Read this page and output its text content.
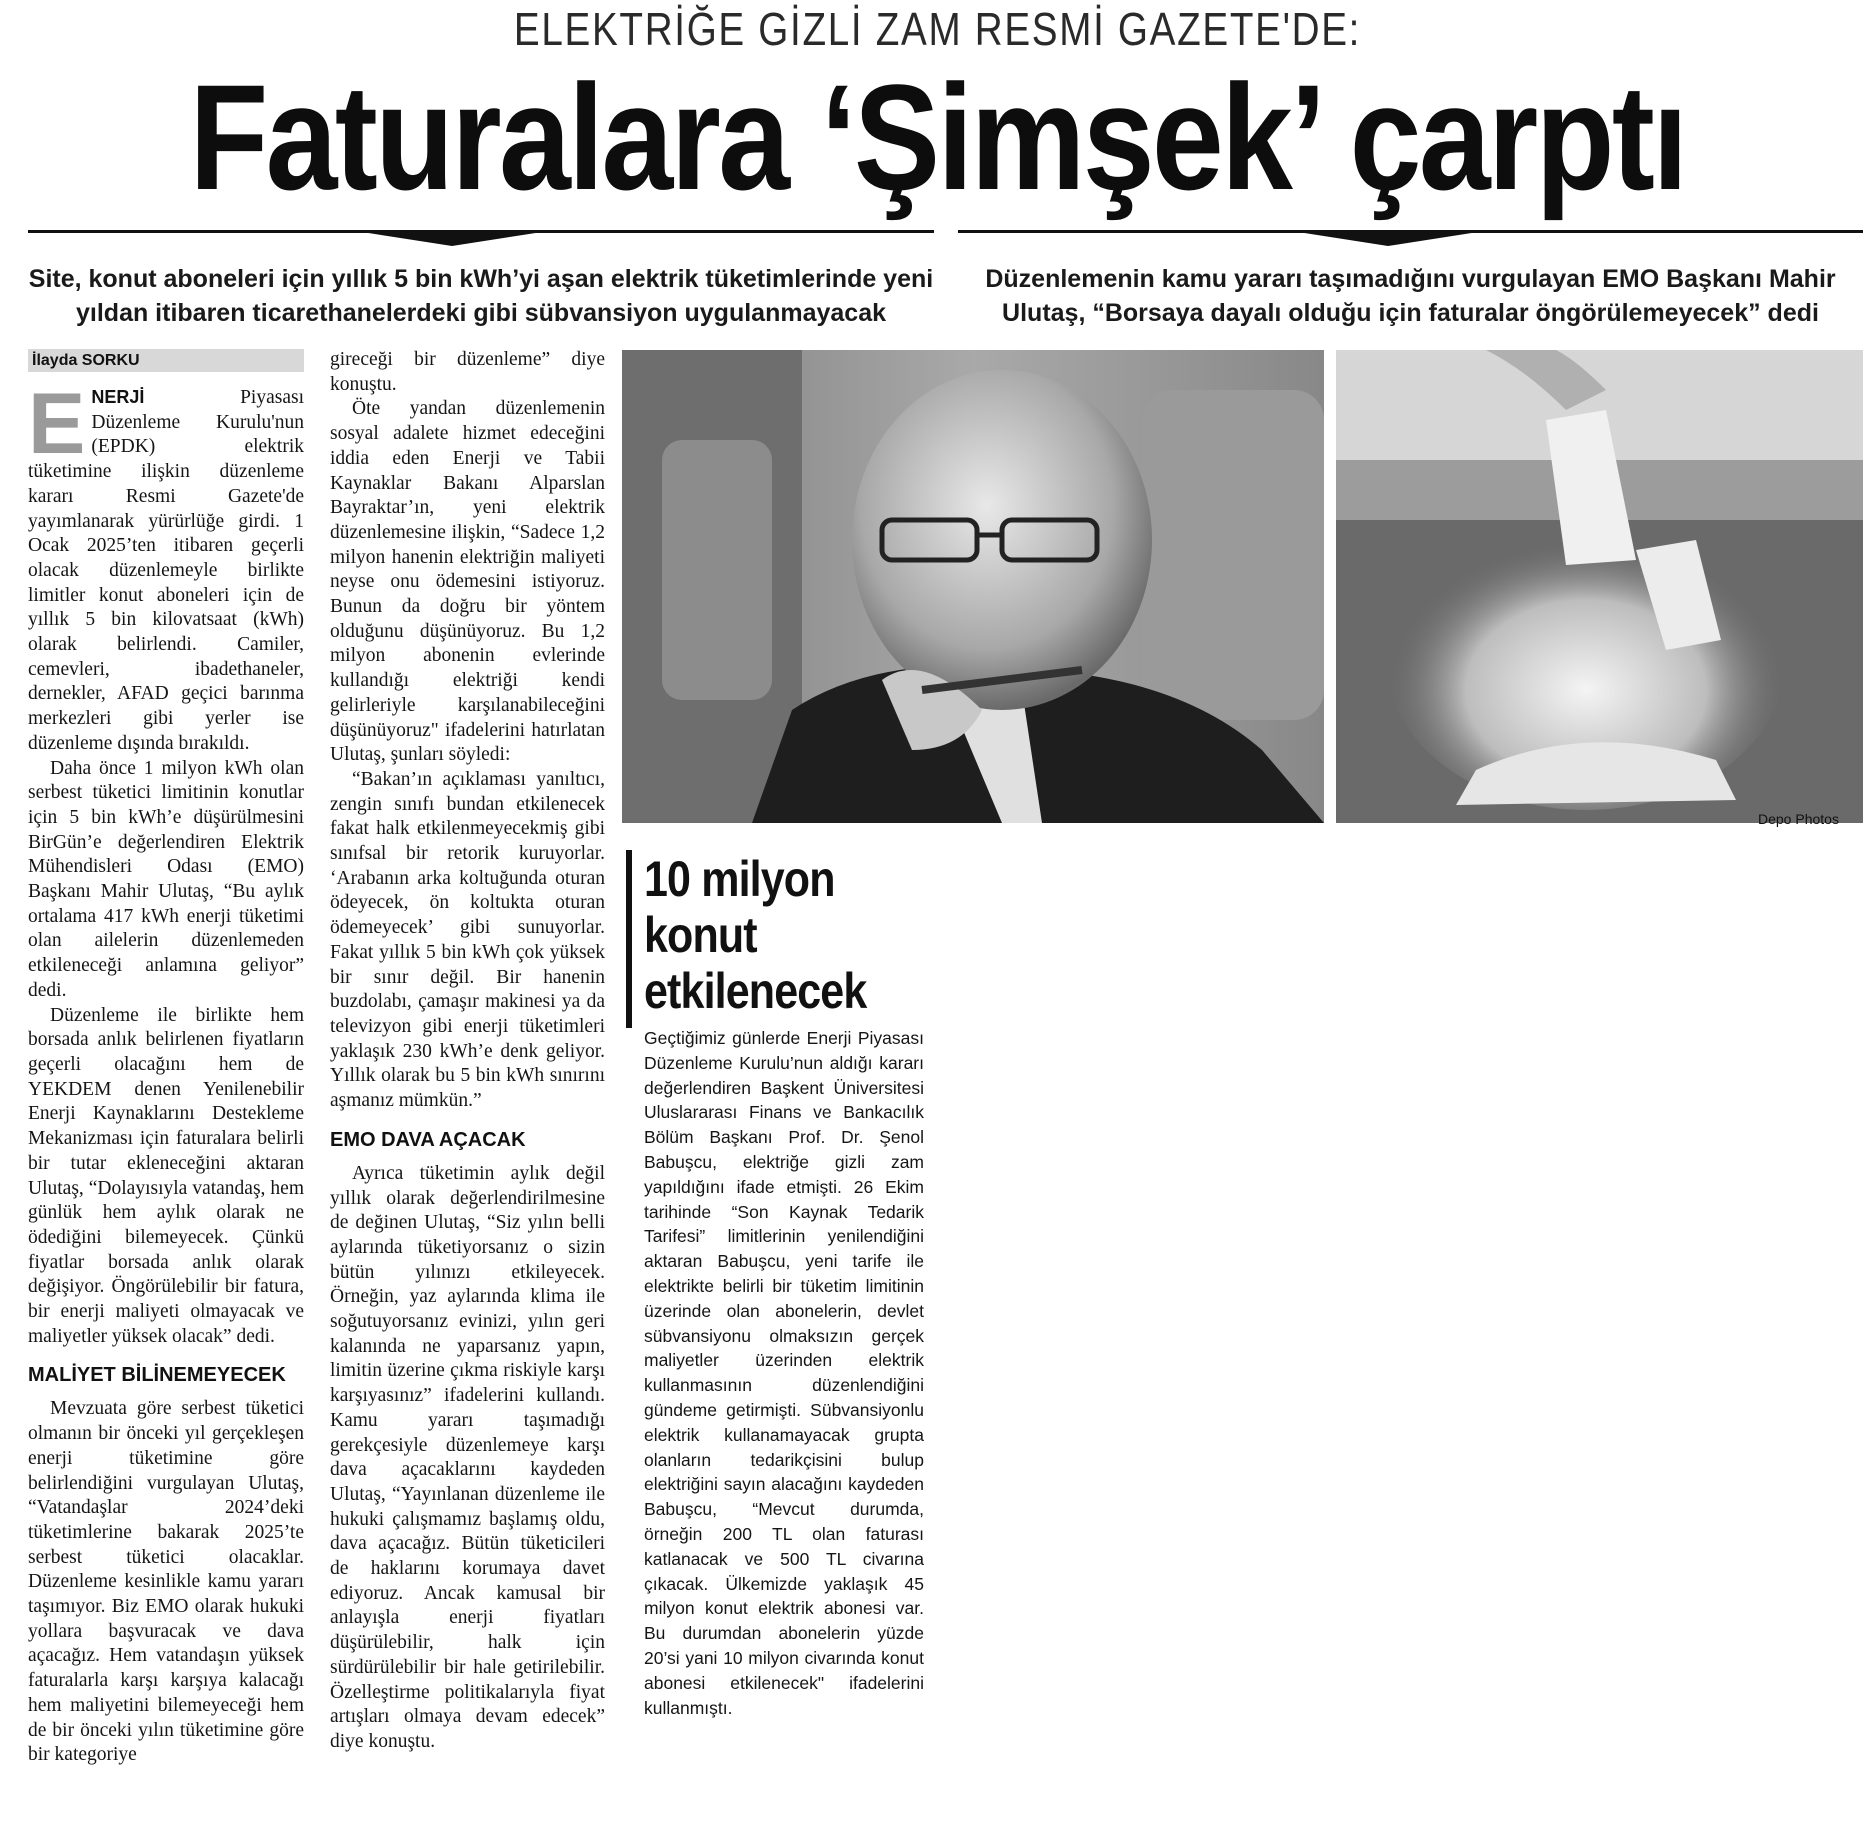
ELEKTRİĞE GİZLİ ZAM RESMİ GAZETE'DE:
Faturalara ‘Şimşek’ çarptı
Site, konut aboneleri için yıllık 5 bin kWh’yi aşan elektrik tüketimlerinde yeni yıldan itibaren ticarethanelerdeki gibi sübvansiyon uygulanmayacak
Düzenlemenin kamu yararı taşımadığını vurgulayan EMO Başkanı Mahir Ulutaş, “Borsaya dayalı olduğu için faturalar öngörülemeyecek” dedi
İlayda SORKU

ENERJİ Piyasası Düzenleme Kurulu'nun (EPDK) elektrik tüketimine ilişkin düzenleme kararı Resmi Gazete'de yayımlanarak yürürlüğe girdi. 1 Ocak 2025’ten itibaren geçerli olacak düzenlemeyle birlikte limitler konut aboneleri için de yıllık 5 bin kilovatsaat (kWh) olarak belirlendi. Camiler, cemevleri, ibadethaneler, dernekler, AFAD geçici barınma merkezleri gibi yerler ise düzenleme dışında bırakıldı.

Daha önce 1 milyon kWh olan serbest tüketici limitinin konutlar için 5 bin kWh’e düşürülmesini BirGün’e değerlendiren Elektrik Mühendisleri Odası (EMO) Başkanı Mahir Ulutaş, “Bu aylık ortalama 417 kWh enerji tüketimi olan ailelerin düzenlemeden etkileneceği anlamına geliyor” dedi.

Düzenleme ile birlikte hem borsada anlık belirlenen fiyatların geçerli olacağını hem de YEKDEM denen Yenilenebilir Enerji Kaynaklarını Destekleme Mekanizması için faturalara belirli bir tutar ekleneceğini aktaran Ulutaş, “Dolayısıyla vatandaş, hem günlük hem aylık olarak ne ödediğini bilemeyecek. Çünkü fiyatlar borsada anlık olarak değişiyor. Öngörülebilir bir fatura, bir enerji maliyeti olmayacak ve maliyetler yüksek olacak” dedi.

MALİYET BİLİNEMEYECEK

Mevzuata göre serbest tüketici olmanın bir önceki yıl gerçekleşen enerji tüketimine göre belirlendiğini vurgulayan Ulutaş, “Vatandaşlar 2024’deki tüketimlerine bakarak 2025’te serbest tüketici olacaklar. Düzenleme kesinlikle kamu yararı taşımıyor. Biz EMO olarak hukuki yollara başvuracak ve dava açacağız. Hem vatandaşın yüksek faturalarla karşı karşıya kalacağı hem maliyetini bilemeyeceği hem de bir önceki yılın tüketimine göre bir kategoriye

gireceği bir düzenleme” diye konuştu.

Öte yandan düzenlemenin sosyal adalete hizmet edeceğini iddia eden Enerji ve Tabii Kaynaklar Bakanı Alparslan Bayraktar’ın, yeni elektrik düzenlemesine ilişkin, “Sadece 1,2 milyon hanenin elektriğin maliyeti neyse onu ödemesini istiyoruz. Bunun da doğru bir yöntem olduğunu düşünüyoruz. Bu 1,2 milyon abonenin evlerinde kullandığı elektriği kendi gelirleriyle karşılanabileceğini düşünüyoruz" ifadelerini hatırlatan Ulutaş, şunları söyledi:

“Bakan’ın açıklaması yanıltıcı, zengin sınıfı bundan etkilenecek fakat halk etkilenmeyecekmiş gibi sınıfsal bir retorik kuruyorlar. ‘Arabanın arka koltuğunda oturan ödeyecek, ön koltukta oturan ödemeyecek’ gibi sunuyorlar. Fakat yıllık 5 bin kWh çok yüksek bir sınır değil. Bir hanenin buzdolabı, çamaşır makinesi ya da televizyon gibi enerji tüketimleri yaklaşık 230 kWh’e denk geliyor. Yıllık olarak bu 5 bin kWh sınırını aşmanız mümkün.”

EMO DAVA AÇACAK

Ayrıca tüketimin aylık değil yıllık olarak değerlendirilmesine de değinen Ulutaş, “Siz yılın belli aylarında tüketiyorsanız o sizin bütün yılınızı etkileyecek. Örneğin, yaz aylarında klima ile soğutuyorsanız evinizi, yılın geri kalanında ne yaparsanız yapın, limitin üzerine çıkma riskiyle karşı karşıyasınız” ifadelerini kullandı. Kamu yararı taşımadığı gerekçesiyle düzenlemeye karşı dava açacaklarını kaydeden Ulutaş, “Yayınlanan düzenleme ile hukuki çalışmamız başlamış oldu, dava açacağız. Bütün tüketicileri de haklarını korumaya davet ediyoruz. Ancak kamusal bir anlayışla enerji fiyatları düşürülebilir, halk için sürdürülebilir bir hale getirilebilir. Özelleştirme politikalarıyla fiyat artışları olmaya devam edecek” diye konuştu.

Depo Photos
10 milyon konut etkilenecek
Geçtiğimiz günlerde Enerji Piyasası Düzenleme Kurulu’nun aldığı kararı değerlendiren Başkent Üniversitesi Uluslararası Finans ve Bankacılık Bölüm Başkanı Prof. Dr. Şenol Babuşcu, elektriğe gizli zam yapıldığını ifade etmişti. 26 Ekim tarihinde “Son Kaynak Tedarik Tarifesi” limitlerinin yenilendiğini aktaran Babuşcu, yeni tarife ile elektrikte belirli bir tüketim limitinin üzerinde olan abonelerin, devlet sübvansiyonu olmaksızın gerçek maliyetler üzerinden elektrik kullanmasının düzenlendiğini gündeme getirmişti. Sübvansiyonlu elektrik kullanamayacak grupta olanların tedarikçisini bulup elektriğini sayın alacağını kaydeden Babuşcu, “Mevcut durumda, örneğin 200 TL olan faturası katlanacak ve 500 TL civarına çıkacak. Ülkemizde yaklaşık 45 milyon konut elektrik abonesi var. Bu durumdan abonelerin yüzde 20’si yani 10 milyon civarında konut abonesi etkilenecek" ifadelerini kullanmıştı.
